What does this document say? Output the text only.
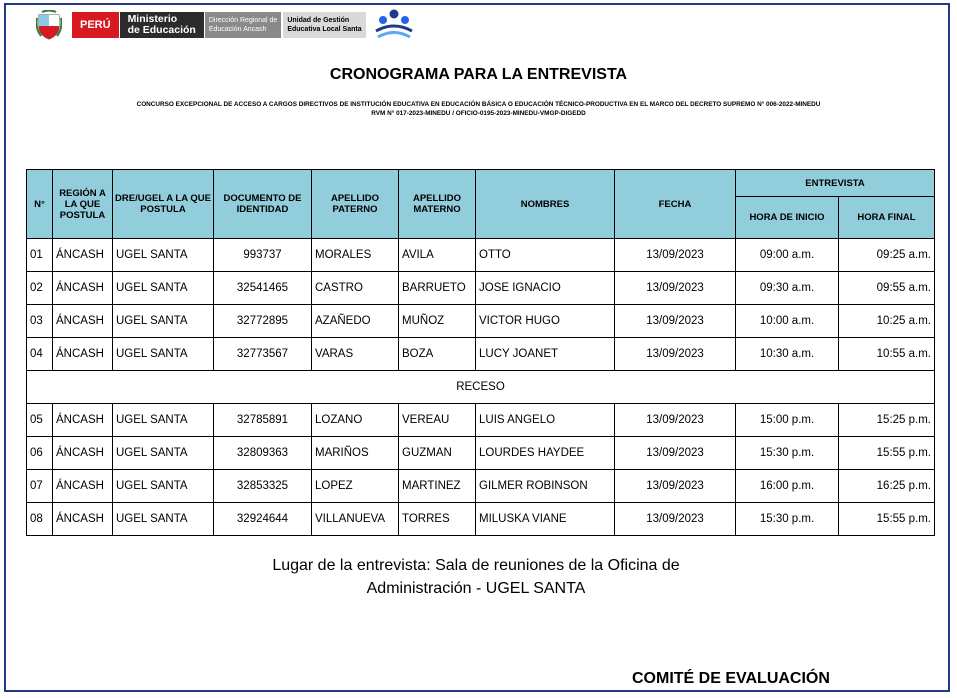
PERÚ	Ministerio
de Educación
Dirección Regional de
Educación Ancash
Unidad de Gestión
Educativa Local Santa
CRONOGRAMA PARA LA ENTREVISTA
CONCURSO EXCEPCIONAL DE ACCESO A CARGOS DIRECTIVOS DE INSTITUCIÓN EDUCATIVA EN EDUCACIÓN BÁSICA O EDUCACIÓN TÉCNICO-PRODUCTIVA EN EL MARCO DEL DECRETO SUPREMO N° 006-2022-MINEDU
RVM N° 017-2023-MINEDU / OFICIO-0195-2023-MINEDU-VMGP-DIGEDD
N°	REGIÓN A LA QUE POSTULA	DRE/UGEL A LA QUE POSTULA	DOCUMENTO DE IDENTIDAD	APELLIDO PATERNO	APELLIDO MATERNO	NOMBRES	FECHA	ENTREVISTA	
								HORA DE INICIO	HORA FINAL
01	ÁNCASH	UGEL SANTA	993737	MORALES	AVILA	OTTO	13/09/2023	09:00 a.m.	09:25 a.m.
02	ÁNCASH	UGEL SANTA	32541465	CASTRO	BARRUETO	JOSE IGNACIO	13/09/2023	09:30 a.m.	09:55 a.m.
03	ÁNCASH	UGEL SANTA	32772895	AZAÑEDO	MUÑOZ	VICTOR HUGO	13/09/2023	10:00 a.m.	10:25 a.m.
04	ÁNCASH	UGEL SANTA	32773567	VARAS	BOZA	LUCY JOANET	13/09/2023	10:30 a.m.	10:55 a.m.
RECESO									
05	ÁNCASH	UGEL SANTA	32785891	LOZANO	VEREAU	LUIS ANGELO	13/09/2023	15:00 p.m.	15:25 p.m.
06	ÁNCASH	UGEL SANTA	32809363	MARIÑOS	GUZMAN	LOURDES HAYDEE	13/09/2023	15:30 p.m.	15:55 p.m.
07	ÁNCASH	UGEL SANTA	32853325	LOPEZ	MARTINEZ	GILMER ROBINSON	13/09/2023	16:00 p.m.	16:25 p.m.
08	ÁNCASH	UGEL SANTA	32924644	VILLANUEVA	TORRES	MILUSKA VIANE	13/09/2023	15:30 p.m.	15:55 p.m.
Lugar de la entrevista: Sala de reuniones de la Oficina de
Administración - UGEL SANTA
COMITÉ DE EVALUACIÓN
